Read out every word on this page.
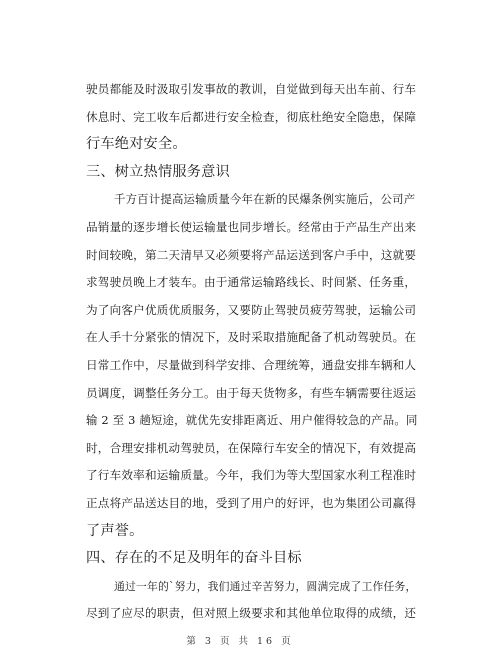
驶员都能及时汲取引发事故的教训，自觉做到每天出车前、行车
休息时、完工收车后都进行安全检查，彻底杜绝安全隐患，保障
行车绝对安全。
三、树立热情服务意识
千方百计提高运输质量今年在新的民爆条例实施后，公司产
品销量的逐步增长使运输量也同步增长。经常由于产品生产出来
时间较晚，第二天清早又必须要将产品运送到客户手中，这就要
求驾驶员晚上才装车。由于通常运输路线长、时间紧、任务重，
为了向客户优质优质服务，又要防止驾驶员疲劳驾驶，运输公司
在人手十分紧张的情况下，及时采取措施配备了机动驾驶员。在
日常工作中，尽量做到科学安排、合理统筹，通盘安排车辆和人
员调度，调整任务分工。由于每天货物多，有些车辆需要往返运
输 2 至 3 趟短途，就优先安排距离近、用户催得较急的产品。同
时，合理安排机动驾驶员，在保障行车安全的情况下，有效提高
了行车效率和运输质量。今年，我们为等大型国家水利工程准时
正点将产品送达目的地，受到了用户的好评，也为集团公司赢得
了声誉。
四、存在的不足及明年的奋斗目标
通过一年的`努力，我们通过辛苦努力，圆满完成了工作任务，
尽到了应尽的职责，但对照上级要求和其他单位取得的成绩，还
第 3 页 共 16 页
